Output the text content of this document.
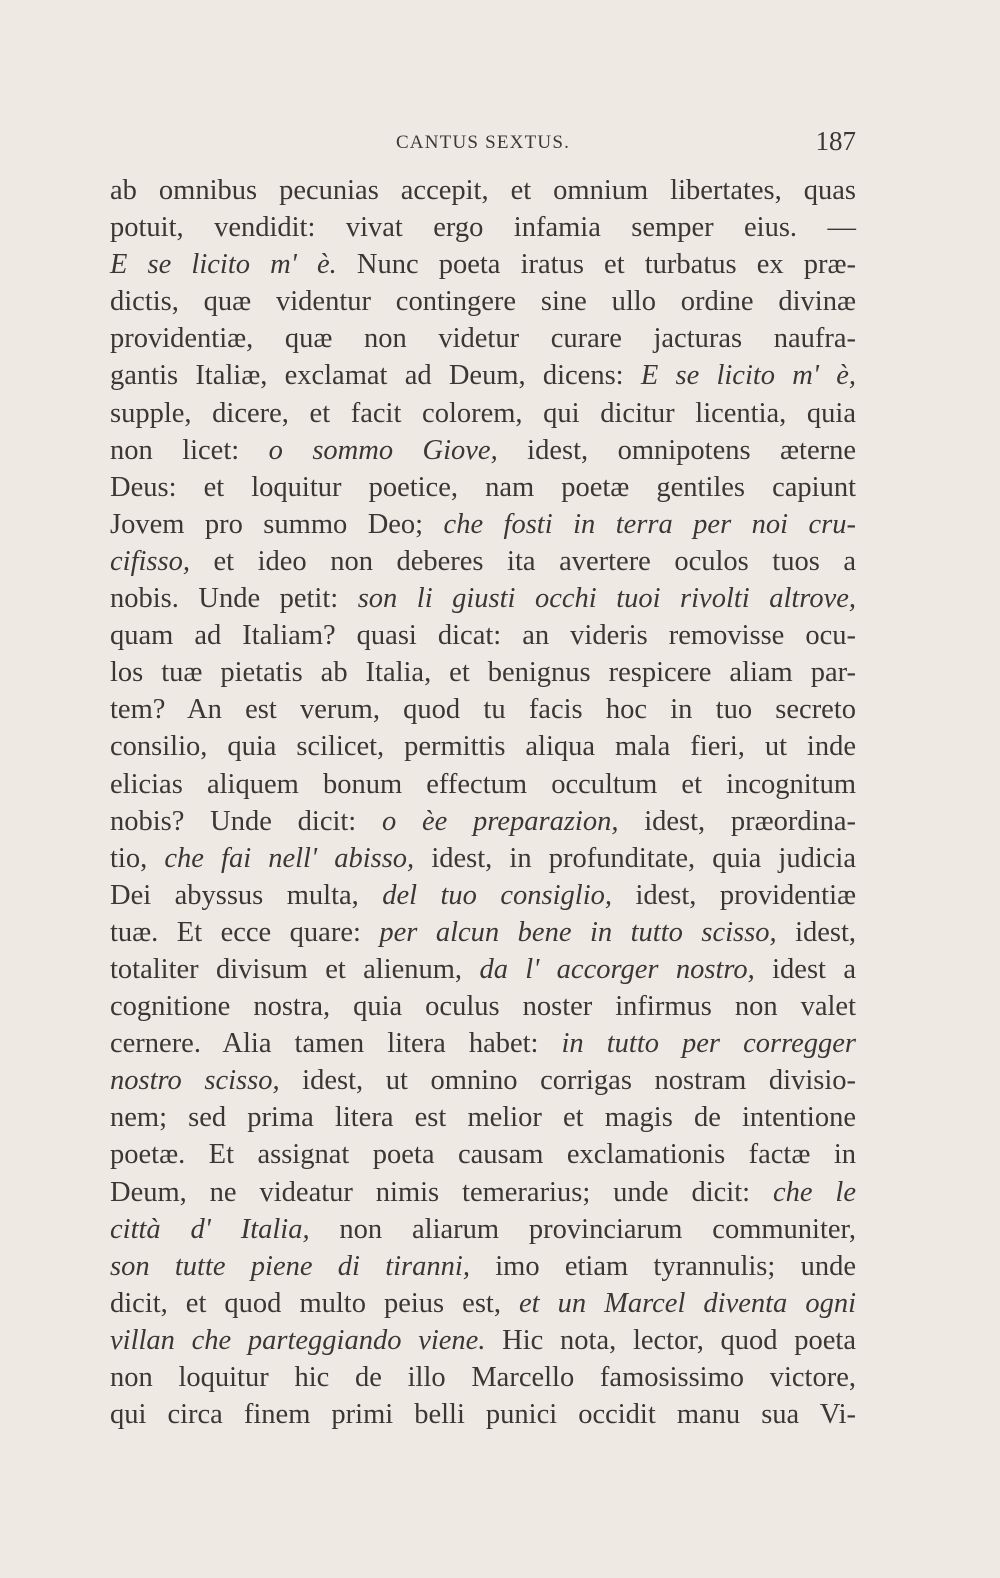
CANTUS SEXTUS.	187
ab omnibus pecunias accepit, et omnium libertates, quas
potuit, vendidit: vivat ergo infamia semper eius. —
E se licito m' è. Nunc poeta iratus et turbatus ex præ-
dictis, quæ videntur contingere sine ullo ordine divinæ
providentiæ, quæ non videtur curare jacturas naufra-
gantis Italiæ, exclamat ad Deum, dicens: E se licito m' è,
supple, dicere, et facit colorem, qui dicitur licentia, quia
non licet: o sommo Giove, idest, omnipotens æterne
Deus: et loquitur poetice, nam poetæ gentiles capiunt
Jovem pro summo Deo; che fosti in terra per noi cru-
cifisso, et ideo non deberes ita avertere oculos tuos a
nobis. Unde petit: son li giusti occhi tuoi rivolti altrove,
quam ad Italiam? quasi dicat: an videris removisse ocu-
los tuæ pietatis ab Italia, et benignus respicere aliam par-
tem? An est verum, quod tu facis hoc in tuo secreto
consilio, quia scilicet, permittis aliqua mala fieri, ut inde
elicias aliquem bonum effectum occultum et incognitum
nobis? Unde dicit: o èe preparazion, idest, præordina-
tio, che fai nell' abisso, idest, in profunditate, quia judicia
Dei abyssus multa, del tuo consiglio, idest, providentiæ
tuæ. Et ecce quare: per alcun bene in tutto scisso, idest,
totaliter divisum et alienum, da l' accorger nostro, idest a
cognitione nostra, quia oculus noster infirmus non valet
cernere. Alia tamen litera habet: in tutto per corregger
nostro scisso, idest, ut omnino corrigas nostram divisio-
nem; sed prima litera est melior et magis de intentione
poetæ. Et assignat poeta causam exclamationis factæ in
Deum, ne videatur nimis temerarius; unde dicit: che le
città d' Italia, non aliarum provinciarum communiter,
son tutte piene di tiranni, imo etiam tyrannulis; unde
dicit, et quod multo peius est, et un Marcel diventa ogni
villan che parteggiando viene. Hic nota, lector, quod poeta
non loquitur hic de illo Marcello famosissimo victore,
qui circa finem primi belli punici occidit manu sua Vi-
